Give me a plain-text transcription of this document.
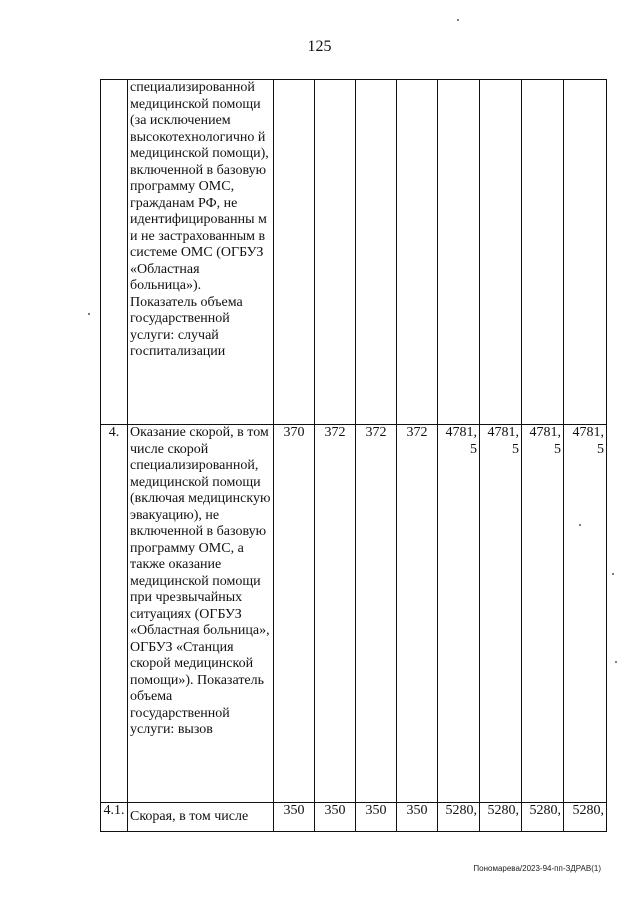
125
	специализированной медицинской помощи (за исключением высокотехнологично й медицинской помощи), включенной в базовую программу ОМС, гражданам РФ, не идентифицированны м и не застрахованным в системе ОМС (ОГБУЗ «Областная больница»). Показатель объема государственной услуги: случай госпитализации								
4.	Оказание скорой, в том числе скорой специализированной, медицинской помощи (включая медицинскую эвакуацию), не включенной в базовую программу ОМС, а также оказание медицинской помощи при чрезвычайных ситуациях (ОГБУЗ «Областная больница», ОГБУЗ «Станция скорой медицинской помощи»). Показатель объема государственной услуги: вызов	370	372	372	372	4781, 5	4781, 5	4781, 5	4781, 5
4.1.	Скорая, в том числе	350	350	350	350	5280,	5280,	5280,	5280,
Пономарева/2023-94-пп-ЗДРАВ(1)
